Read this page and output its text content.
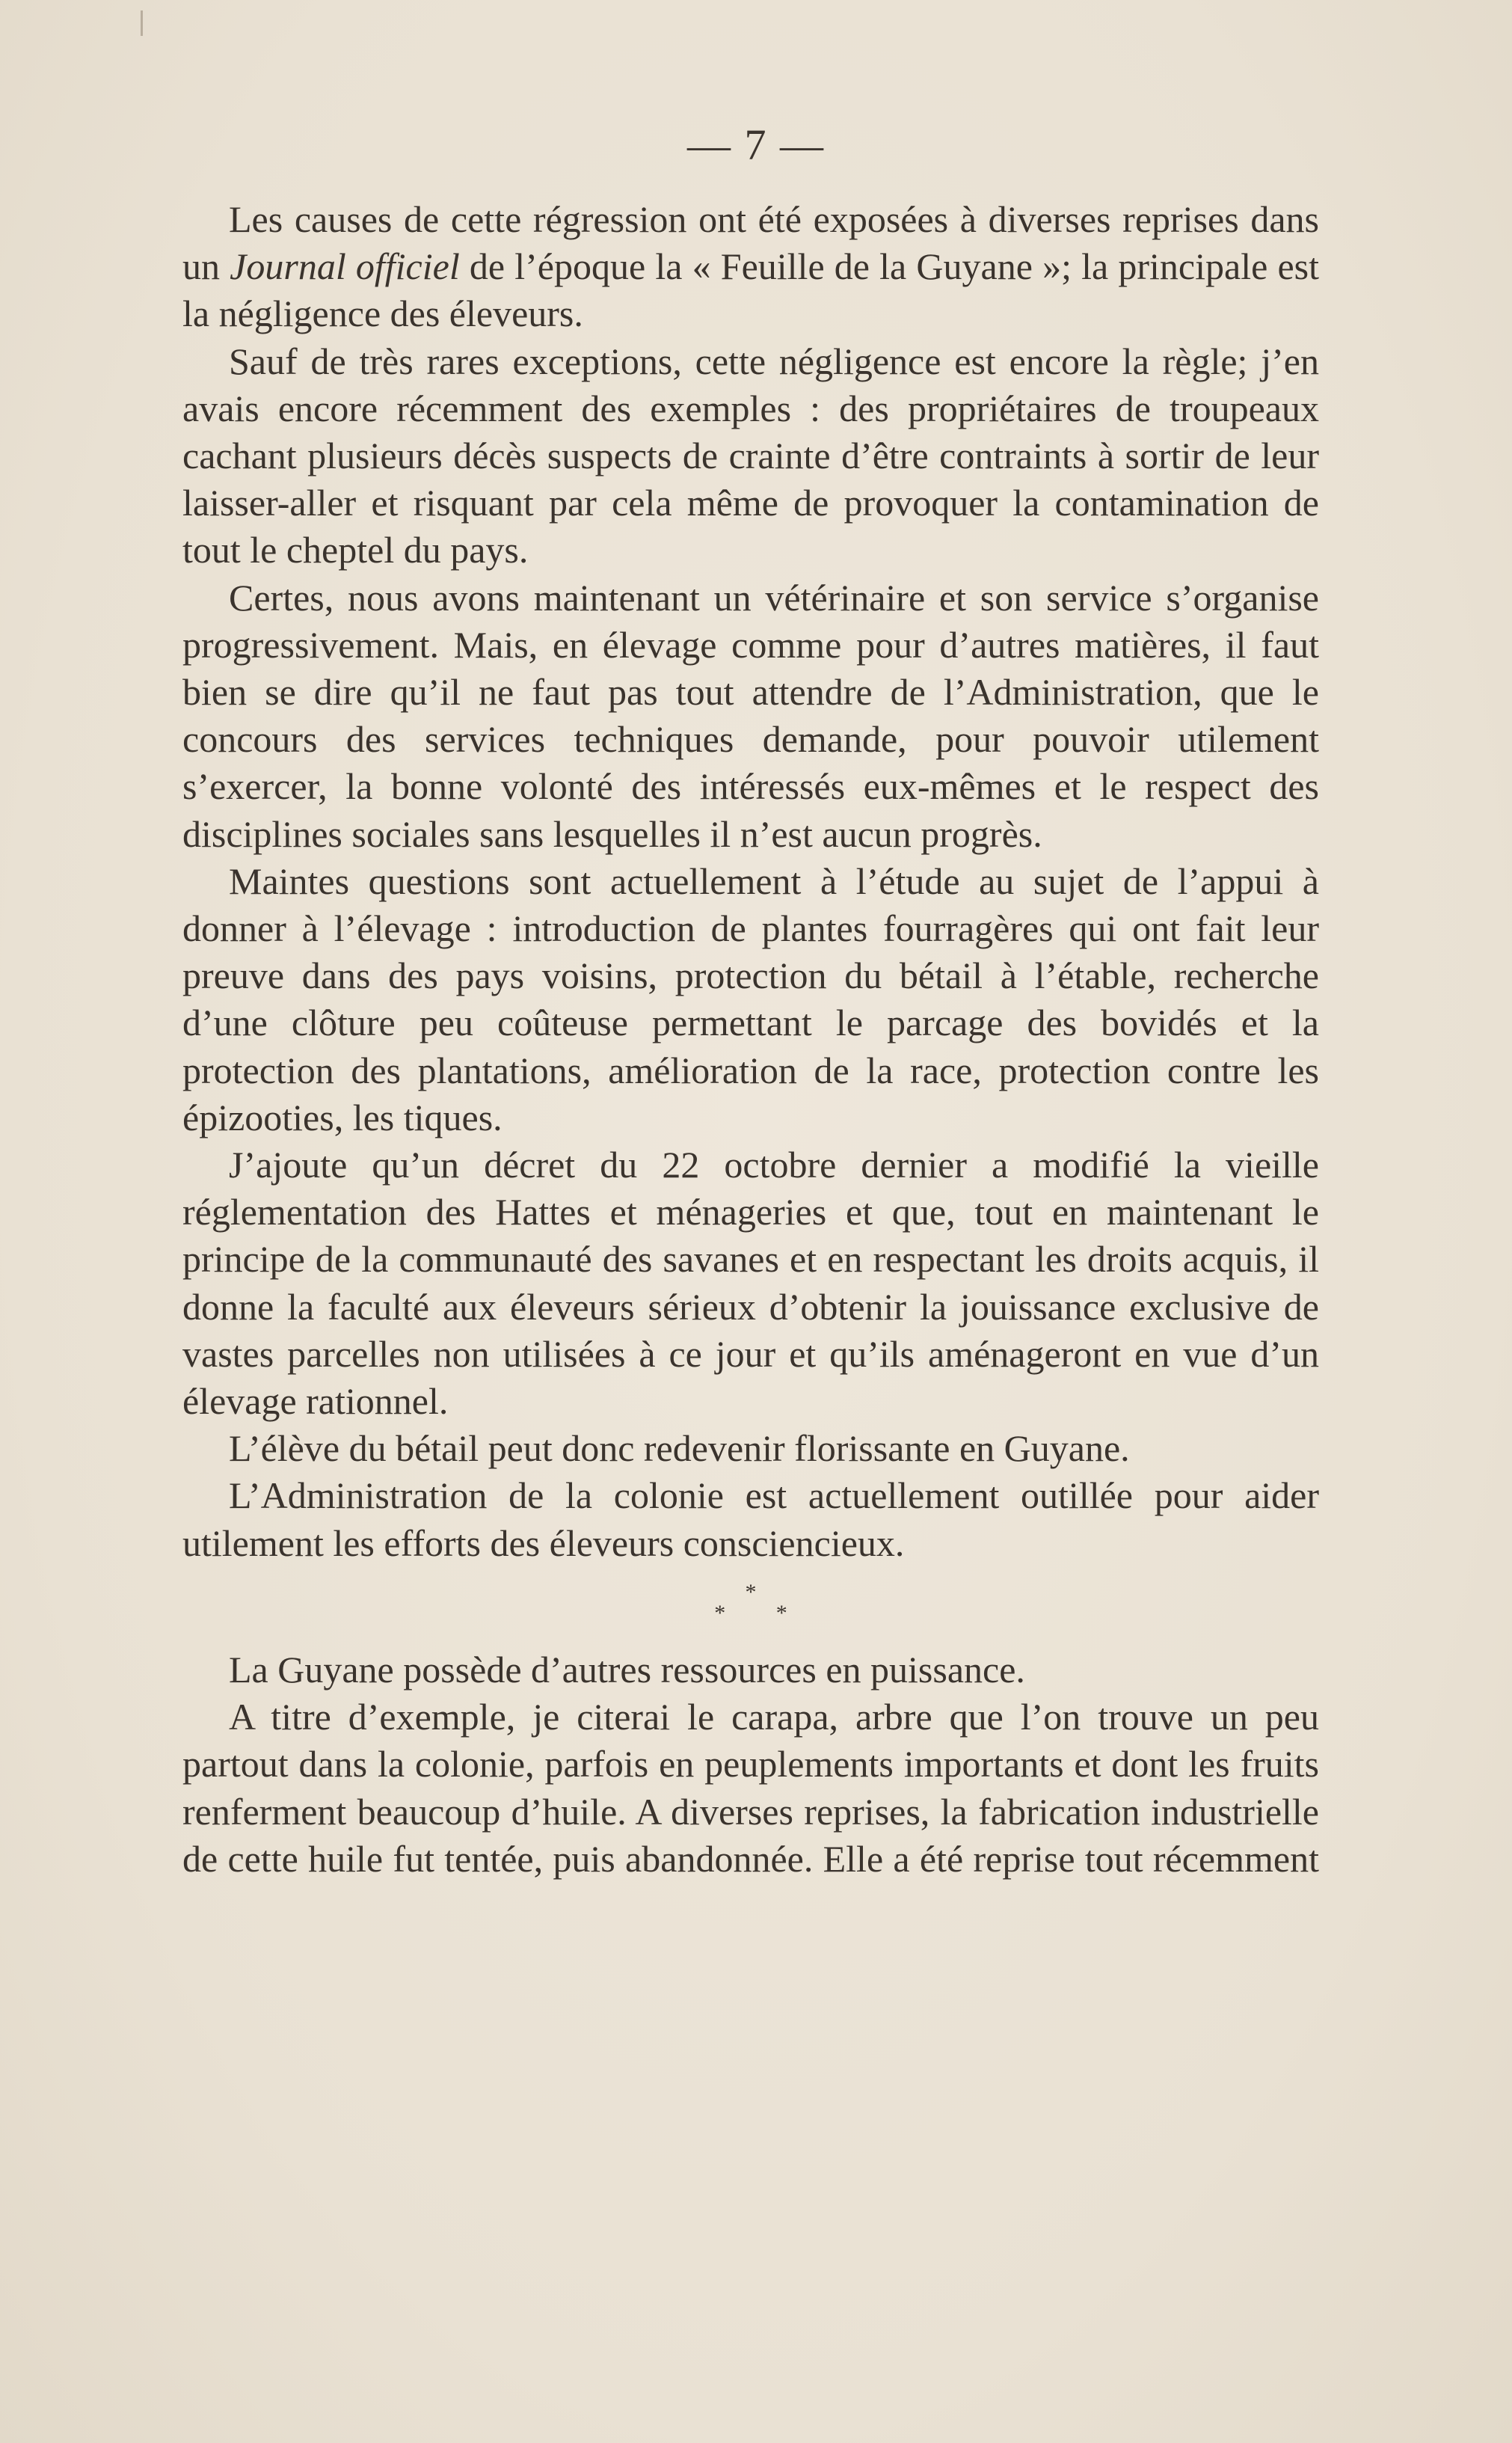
— 7 —

Les causes de cette régression ont été exposées à diverses reprises dans un Journal officiel de l’époque la « Feuille de la Guyane »; la principale est la négligence des éleveurs.

Sauf de très rares exceptions, cette négligence est encore la règle; j’en avais encore récemment des exemples : des propriétaires de troupeaux cachant plusieurs décès suspects de crainte d’être contraints à sortir de leur laisser-aller et risquant par cela même de provoquer la contamination de tout le cheptel du pays.

Certes, nous avons maintenant un vétérinaire et son service s’organise progressivement. Mais, en élevage comme pour d’autres matières, il faut bien se dire qu’il ne faut pas tout attendre de l’Administration, que le concours des services techniques demande, pour pouvoir utilement s’exercer, la bonne volonté des intéressés eux-mêmes et le respect des disciplines sociales sans lesquelles il n’est aucun progrès.

Maintes questions sont actuellement à l’étude au sujet de l’appui à donner à l’élevage : introduction de plantes fourragères qui ont fait leur preuve dans des pays voisins, protection du bétail à l’étable, recherche d’une clôture peu coûteuse permettant le parcage des bovidés et la protection des plantations, amélioration de la race, protection contre les épizooties, les tiques.

J’ajoute qu’un décret du 22 octobre dernier a modifié la vieille réglementation des Hattes et ménageries et que, tout en maintenant le principe de la communauté des savanes et en respectant les droits acquis, il donne la faculté aux éleveurs sérieux d’obtenir la jouissance exclusive de vastes parcelles non utilisées à ce jour et qu’ils aménageront en vue d’un élevage rationnel.

L’élève du bétail peut donc redevenir florissante en Guyane.

L’Administration de la colonie est actuellement outillée pour aider utilement les efforts des éleveurs consciencieux.

*
* *

La Guyane possède d’autres ressources en puissance.

A titre d’exemple, je citerai le carapa, arbre que l’on trouve un peu partout dans la colonie, parfois en peuplements importants et dont les fruits renferment beaucoup d’huile. A diverses reprises, la fabrication industrielle de cette huile fut tentée, puis abandonnée. Elle a été reprise tout récemment
